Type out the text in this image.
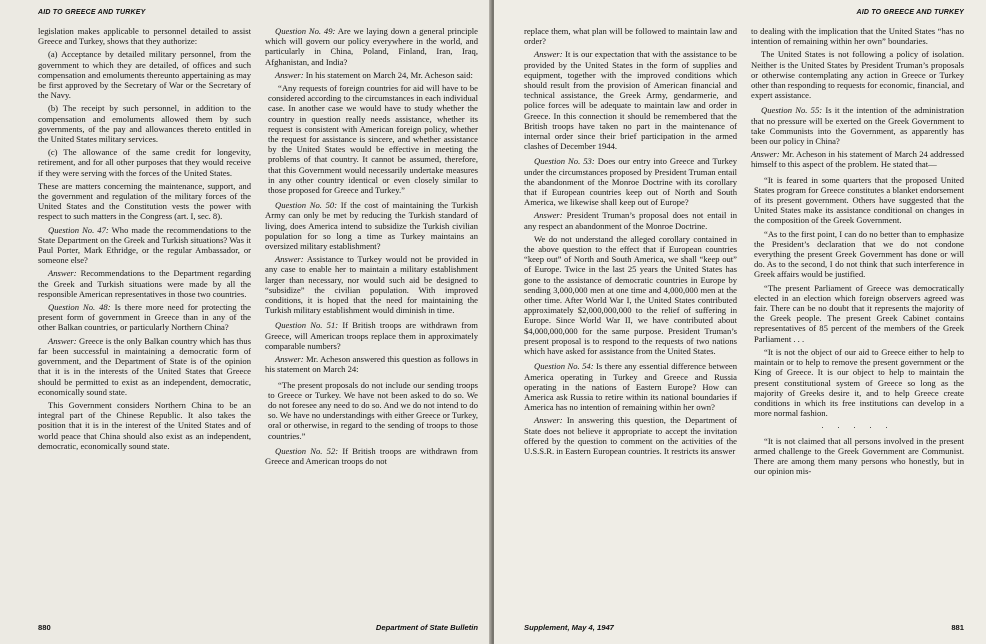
AID TO GREECE AND TURKEY

legislation makes applicable to personnel detailed to assist Greece and Turkey, shows that they authorize:

(a) Acceptance by detailed military personnel, from the government to which they are detailed, of offices and such compensation and emoluments thereunto appertaining as may be first approved by the Secretary of War or the Secretary of the Navy.

(b) The receipt by such personnel, in addition to the compensation and emoluments allowed them by such governments, of the pay and allowances thereto entitled in the United States military services.

(c) The allowance of the same credit for longevity, retirement, and for all other purposes that they would receive if they were serving with the forces of the United States.

These are matters concerning the maintenance, support, and the government and regulation of the military forces of the United States and the Constitution vests the power with respect to such matters in the Congress (art. I, sec. 8).

Question No. 47: Who made the recommendations to the State Department on the Greek and Turkish situations? Was it Paul Porter, Mark Ethridge, or the regular Ambassador, or someone else?

Answer: Recommendations to the Department regarding the Greek and Turkish situations were made by all the responsible American representatives in those two countries.

Question No. 48: Is there more need for protecting the present form of government in Greece than in any of the other Balkan countries, or particularly Northern China?

Answer: Greece is the only Balkan country which has thus far been successful in maintaining a democratic form of government, and the Department of State is of the opinion that it is in the interests of the United States that Greece should be permitted to exist as an independent, democratic, economically sound state.

This Government considers Northern China to be an integral part of the Chinese Republic. It also takes the position that it is in the interest of the United States and of world peace that China should also exist as an independent, democratic, economically sound state.

Question No. 49: Are we laying down a general principle which will govern our policy everywhere in the world, and particularly in China, Poland, Finland, Iran, Iraq, Afghanistan, and India?

Answer: In his statement on March 24, Mr. Acheson said:

“Any requests of foreign countries for aid will have to be considered according to the circumstances in each individual case. In another case we would have to study whether the country in question really needs assistance, whether its request is consistent with American foreign policy, whether the request for assistance is sincere, and whether assistance by the United States would be effective in meeting the problems of that country. It cannot be assumed, therefore, that this Government would necessarily undertake measures in any other country identical or even closely similar to those proposed for Greece and Turkey.”

Question No. 50: If the cost of maintaining the Turkish Army can only be met by reducing the Turkish standard of living, does America intend to subsidize the Turkish civilian population for so long a time as Turkey maintains an oversized military establishment?

Answer: Assistance to Turkey would not be provided in any case to enable her to maintain a military establishment larger than necessary, nor would such aid be designed to “subsidize” the civilian population. With improved conditions, it is hoped that the need for maintaining the Turkish military establishment would diminish in time.

Question No. 51: If British troops are withdrawn from Greece, will American troops replace them in approximately comparable numbers?

Answer: Mr. Acheson answered this question as follows in his statement on March 24:

“The present proposals do not include our sending troops to Greece or Turkey. We have not been asked to do so. We do not foresee any need to do so. And we do not intend to do so. We have no understandings with either Greece or Turkey, oral or otherwise, in regard to the sending of troops to those countries.”

Question No. 52: If British troops are withdrawn from Greece and American troops do not

880	Department of State Bulletin
AID TO GREECE AND TURKEY

replace them, what plan will be followed to maintain law and order?

Answer: It is our expectation that with the assistance to be provided by the United States in the form of supplies and equipment, together with the improved conditions which should result from the provision of American financial and technical assistance, the Greek Army, gendarmerie, and police forces will be adequate to maintain law and order in Greece. In this connection it should be remembered that the British troops have taken no part in the maintenance of internal order since their brief participation in the armed clashes of December 1944.

Question No. 53: Does our entry into Greece and Turkey under the circumstances proposed by President Truman entail the abandonment of the Monroe Doctrine with its corollary that if European countries keep out of North and South America, we likewise shall keep out of Europe?

Answer: President Truman’s proposal does not entail in any respect an abandonment of the Monroe Doctrine.

We do not understand the alleged corollary contained in the above question to the effect that if European countries “keep out” of North and South America, we shall “keep out” of Europe. Twice in the last 25 years the United States has gone to the assistance of democratic countries in Europe by sending 3,000,000 men at one time and 4,000,000 men at the other time. After World War I, the United States contributed approximately $2,000,000,000 to the relief of suffering in Europe. Since World War II, we have contributed about $4,000,000,000 for the same purpose. President Truman’s present proposal is to respond to the requests of two nations which have asked for assistance from the United States.

Question No. 54: Is there any essential difference between America operating in Turkey and Greece and Russia operating in the nations of Eastern Europe? How can America ask Russia to retire within its national boundaries if America has no intention of remaining within her own?

Answer: In answering this question, the Department of State does not believe it appropriate to accept the invitation offered by the question to comment on the activities of the U.S.S.R. in Eastern European countries. It restricts its answer

to dealing with the implication that the United States “has no intention of remaining within her own” boundaries.

The United States is not following a policy of isolation. Neither is the United States by President Truman’s proposals or otherwise contemplating any action in Greece or Turkey other than responding to requests for economic, financial, and expert assistance.

Question No. 55: Is it the intention of the administration that no pressure will be exerted on the Greek Government to take Communists into the Government, as apparently has been our policy in China?

Answer: Mr. Acheson in his statement of March 24 addressed himself to this aspect of the problem. He stated that—

“It is feared in some quarters that the proposed United States program for Greece constitutes a blanket endorsement of its present government. Others have suggested that the United States make its assistance conditional on changes in the composition of the Greek Government.

“As to the first point, I can do no better than to emphasize the President’s declaration that we do not condone everything the present Greek Government has done or will do. As to the second, I do not think that such interference in Greek affairs would be justified.

“The present Parliament of Greece was democratically elected in an election which foreign observers agreed was fair. There can be no doubt that it represents the majority of the Greek people. The present Greek Cabinet contains representatives of 85 percent of the members of the Greek Parliament . . .

“It is not the object of our aid to Greece either to help to maintain or to help to remove the present government or the King of Greece. It is our object to help to maintain the present constitutional system of Greece so long as the majority of Greeks desire it, and to help Greece create conditions in which its free institutions can develop in a more normal fashion.

. . . . .

“It is not claimed that all persons involved in the present armed challenge to the Greek Government are Communist. There are among them many persons who honestly, but in our opinion mis-

Supplement, May 4, 1947	881
